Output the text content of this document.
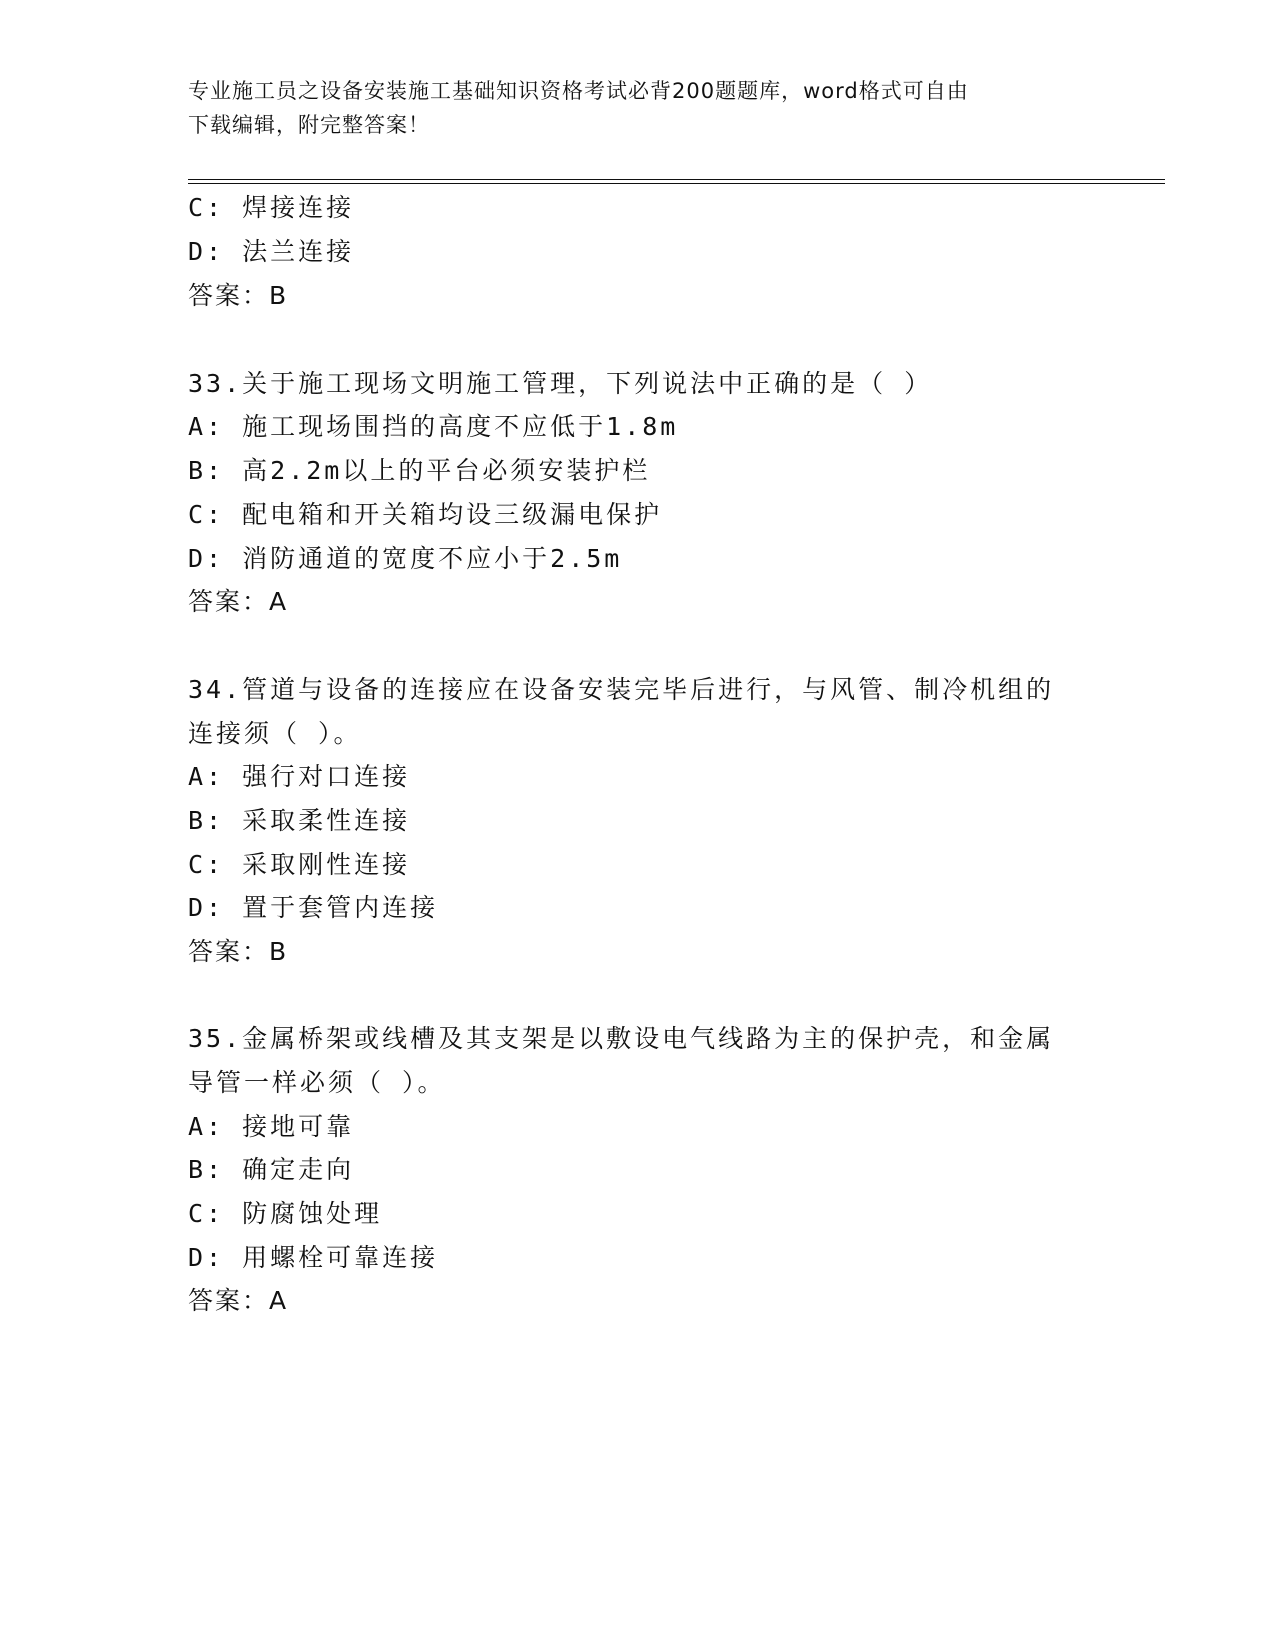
专业施工员之设备安装施工基础知识资格考试必背200题题库，word格式可自由
下载编辑，附完整答案！
C: 焊接连接
D: 法兰连接
答案：B
33.关于施工现场文明施工管理，下列说法中正确的是（ ）
A: 施工现场围挡的高度不应低于1.8m
B: 高2.2m以上的平台必须安装护栏
C: 配电箱和开关箱均设三级漏电保护
D: 消防通道的宽度不应小于2.5m
答案：A
34.管道与设备的连接应在设备安装完毕后进行，与风管、制冷机组的
连接须（ ）。
A: 强行对口连接
B: 采取柔性连接
C: 采取刚性连接
D: 置于套管内连接
答案：B
35.金属桥架或线槽及其支架是以敷设电气线路为主的保护壳，和金属
导管一样必须（ ）。
A: 接地可靠
B: 确定走向
C: 防腐蚀处理
D: 用螺栓可靠连接
答案：A
